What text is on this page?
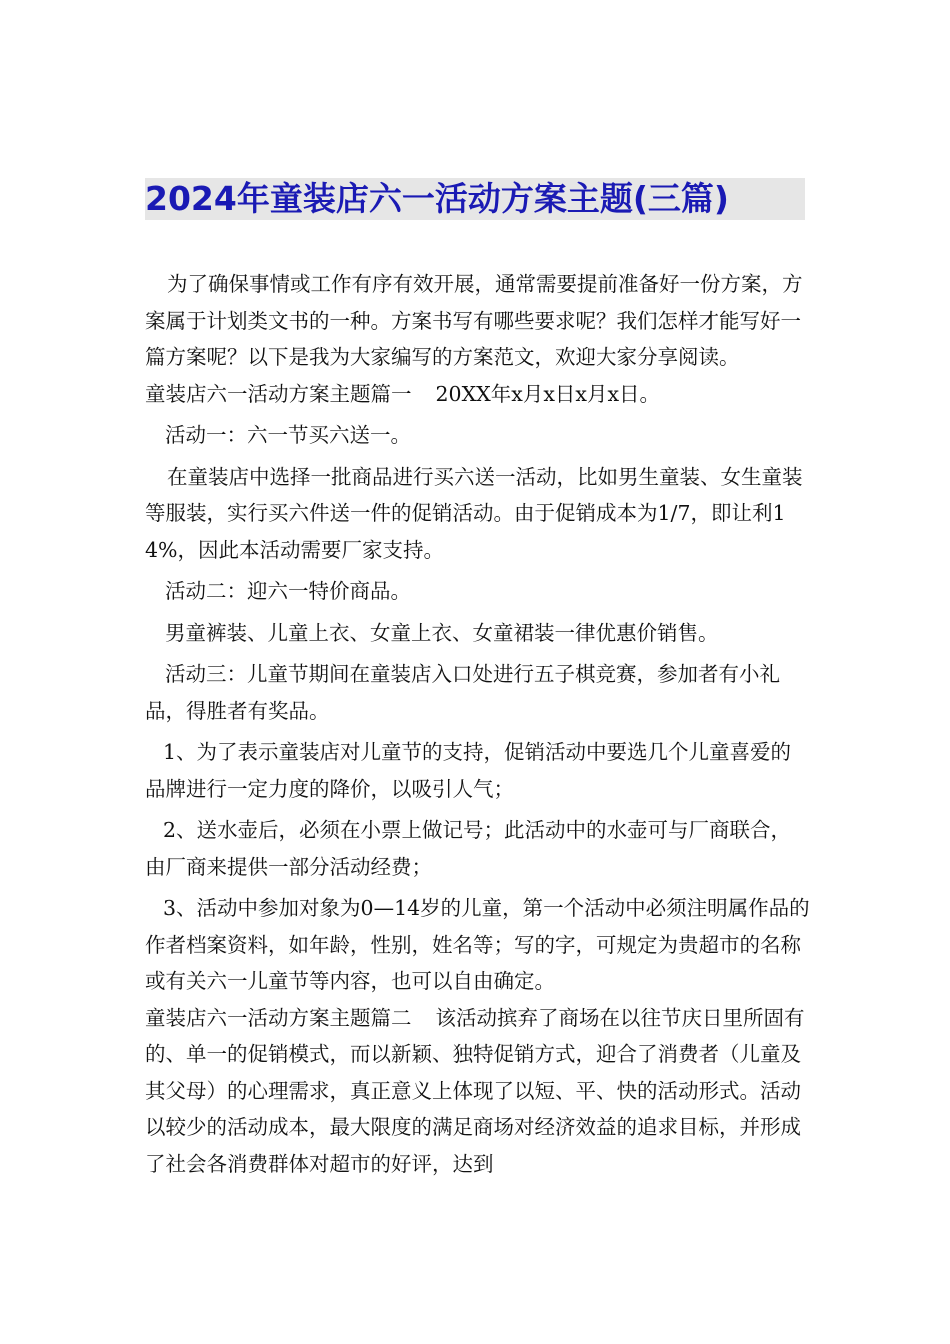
2024年童装店六一活动方案主题(三篇)

为了确保事情或工作有序有效开展，通常需要提前准备好一份方案，方案属于计划类文书的一种。方案书写有哪些要求呢？我们怎样才能写好一篇方案呢？以下是我为大家编写的方案范文，欢迎大家分享阅读。

童装店六一活动方案主题篇一 20XX年x月x日x月x日。

活动一：六一节买六送一。

在童装店中选择一批商品进行买六送一活动，比如男生童装、女生童装等服装，实行买六件送一件的促销活动。由于促销成本为1/7，即让利14%，因此本活动需要厂家支持。

活动二：迎六一特价商品。

男童裤装、儿童上衣、女童上衣、女童裙装一律优惠价销售。

活动三：儿童节期间在童装店入口处进行五子棋竞赛，参加者有小礼品，得胜者有奖品。

1、为了表示童装店对儿童节的支持，促销活动中要选几个儿童喜爱的品牌进行一定力度的降价，以吸引人气；

2、送水壶后，必须在小票上做记号；此活动中的水壶可与厂商联合，由厂商来提供一部分活动经费；

3、活动中参加对象为0—14岁的儿童，第一个活动中必须注明属作品的作者档案资料，如年龄，性别，姓名等；写的字，可规定为贵超市的名称或有关六一儿童节等内容，也可以自由确定。

童装店六一活动方案主题篇二 该活动摈弃了商场在以往节庆日里所固有的、单一的促销模式，而以新颖、独特促销方式，迎合了消费者（儿童及其父母）的心理需求，真正意义上体现了以短、平、快的活动形式。活动以较少的活动成本，最大限度的满足商场对经济效益的追求目标，并形成了社会各消费群体对超市的好评，达到
